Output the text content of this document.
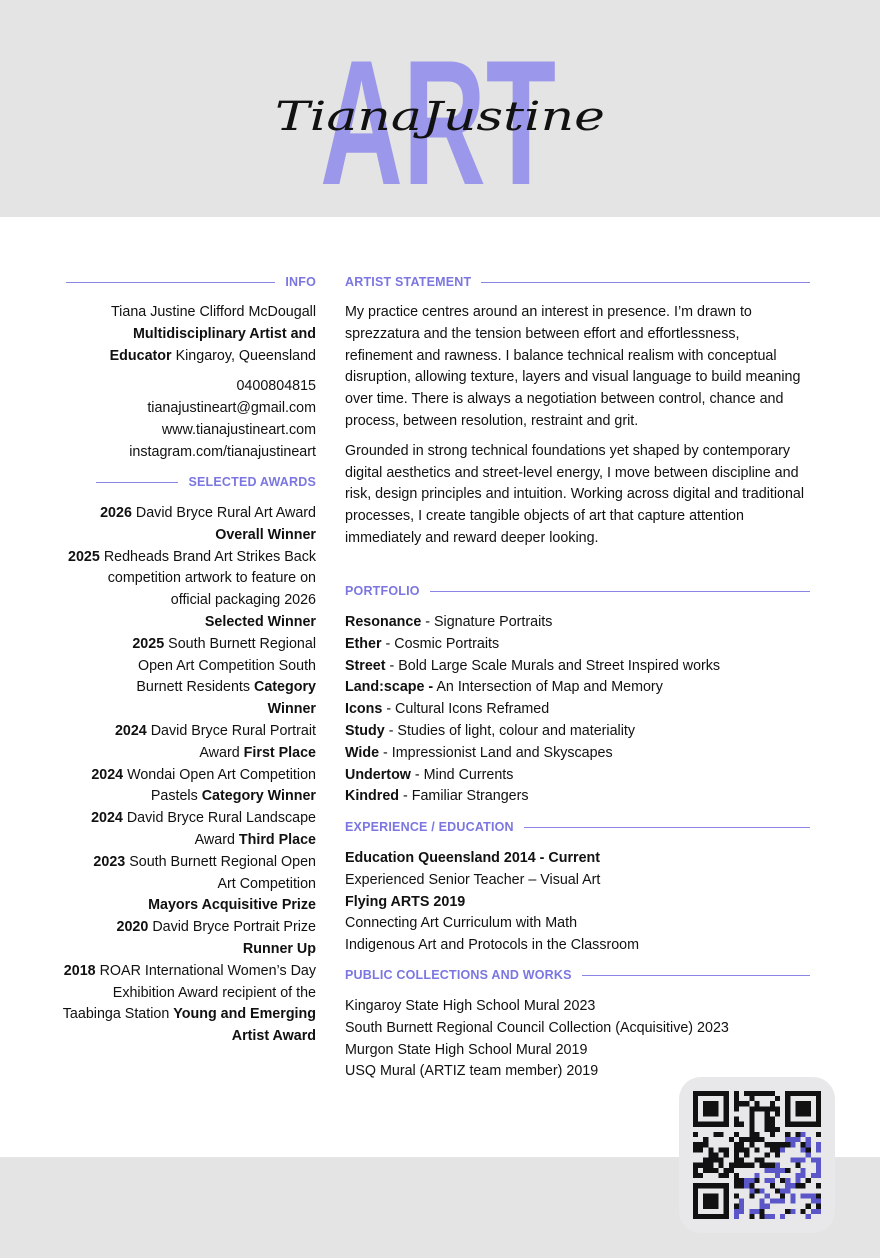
ART
TianaJustine
INFO

Tiana Justine Clifford McDougall

Multidisciplinary Artist and Educator Kingaroy, Queensland

0400804815

tianajustineart@gmail.com

www.tianajustineart.com

instagram.com/tianajustineart

SELECTED AWARDS

2026 David Bryce Rural Art Award
Overall Winner

2025 Redheads Brand Art Strikes Back competition artwork to feature on official packaging 2026
Selected Winner

2025 South Burnett Regional Open Art Competition South Burnett Residents Category Winner

2024 David Bryce Rural Portrait Award First Place

2024 Wondai Open Art Competition Pastels Category Winner

2024 David Bryce Rural Landscape Award Third Place

2023 South Burnett Regional Open Art Competition
Mayors Acquisitive Prize

2020 David Bryce Portrait Prize
Runner Up

2018 ROAR International Women’s Day Exhibition Award recipient of the Taabinga Station Young and Emerging Artist Award

ARTIST STATEMENT

My practice centres around an interest in presence. I’m drawn to sprezzatura and the tension between effort and effortlessness, refinement and rawness. I balance technical realism with conceptual disruption, allowing texture, layers and visual language to build meaning over time. There is always a negotiation between control, chance and process, between resolution, restraint and grit.

Grounded in strong technical foundations yet shaped by contemporary digital aesthetics and street-level energy, I move between discipline and risk, design principles and intuition. Working across digital and traditional processes, I create tangible objects of art that capture attention immediately and reward deeper looking.

PORTFOLIO

Resonance - Signature Portraits

Ether - Cosmic Portraits

Street - Bold Large Scale Murals and Street Inspired works

Land:scape - An Intersection of Map and Memory

Icons - Cultural Icons Reframed

Study - Studies of light, colour and materiality

Wide - Impressionist Land and Skyscapes

Undertow - Mind Currents

Kindred - Familiar Strangers

EXPERIENCE / EDUCATION

Education Queensland 2014 - Current

Experienced Senior Teacher – Visual Art

Flying ARTS 2019

Connecting Art Curriculum with Math

Indigenous Art and Protocols in the Classroom

PUBLIC COLLECTIONS AND WORKS

Kingaroy State High School Mural 2023

South Burnett Regional Council Collection (Acquisitive) 2023

Murgon State High School Mural 2019

USQ Mural (ARTIZ team member) 2019
